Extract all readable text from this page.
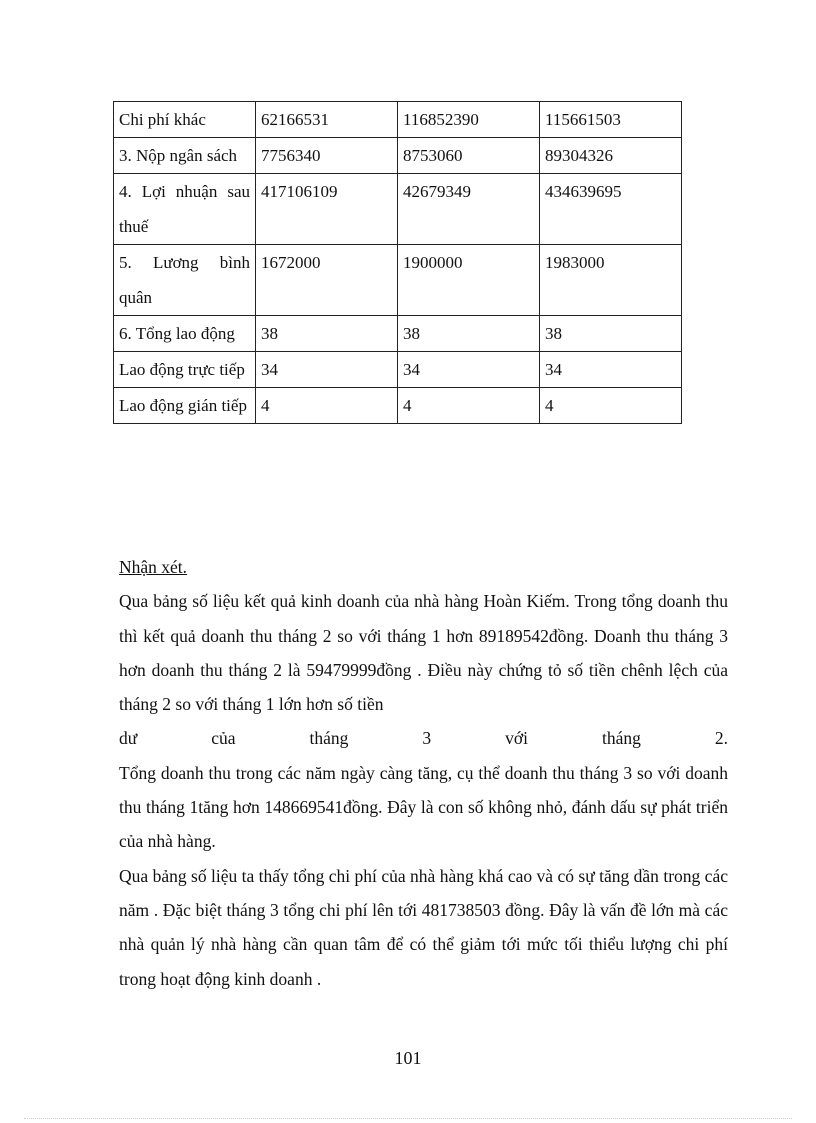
Chi phí khác	62166531	116852390	115661503
3. Nộp ngân sách	7756340	8753060	89304326
4. Lợi nhuận sau thuế	417106109	42679349	434639695
5. Lương bình quân	1672000	1900000	1983000
6. Tổng lao động	38	38	38
Lao động trực tiếp	34	34	34
Lao động gián tiếp	4	4	4

Nhận xét.

Qua bảng số liệu kết quả kinh doanh của nhà hàng Hoàn Kiếm. Trong tổng doanh thu thì kết quả doanh thu tháng 2 so với tháng 1 hơn 89189542đồng. Doanh thu tháng 3 hơn doanh thu tháng 2 là 59479999đồng . Điều này chứng tỏ số tiền chênh lệch của tháng 2 so với tháng 1 lớn hơn số tiền

dư của tháng 3 với tháng 2.

Tổng doanh thu trong các năm ngày càng tăng, cụ thể doanh thu tháng 3 so với doanh thu tháng 1tăng hơn 148669541đồng. Đây là con số không nhỏ, đánh dấu sự phát triển của nhà hàng.

Qua bảng số liệu ta thấy tổng chi phí của nhà hàng khá cao và có sự tăng dần trong các năm . Đặc biệt tháng 3 tổng chi phí lên tới 481738503 đồng. Đây là vấn đề lớn mà các nhà quản lý nhà hàng cần quan tâm để có thể giảm tới mức tối thiểu lượng chi phí trong hoạt động kinh doanh .

101
